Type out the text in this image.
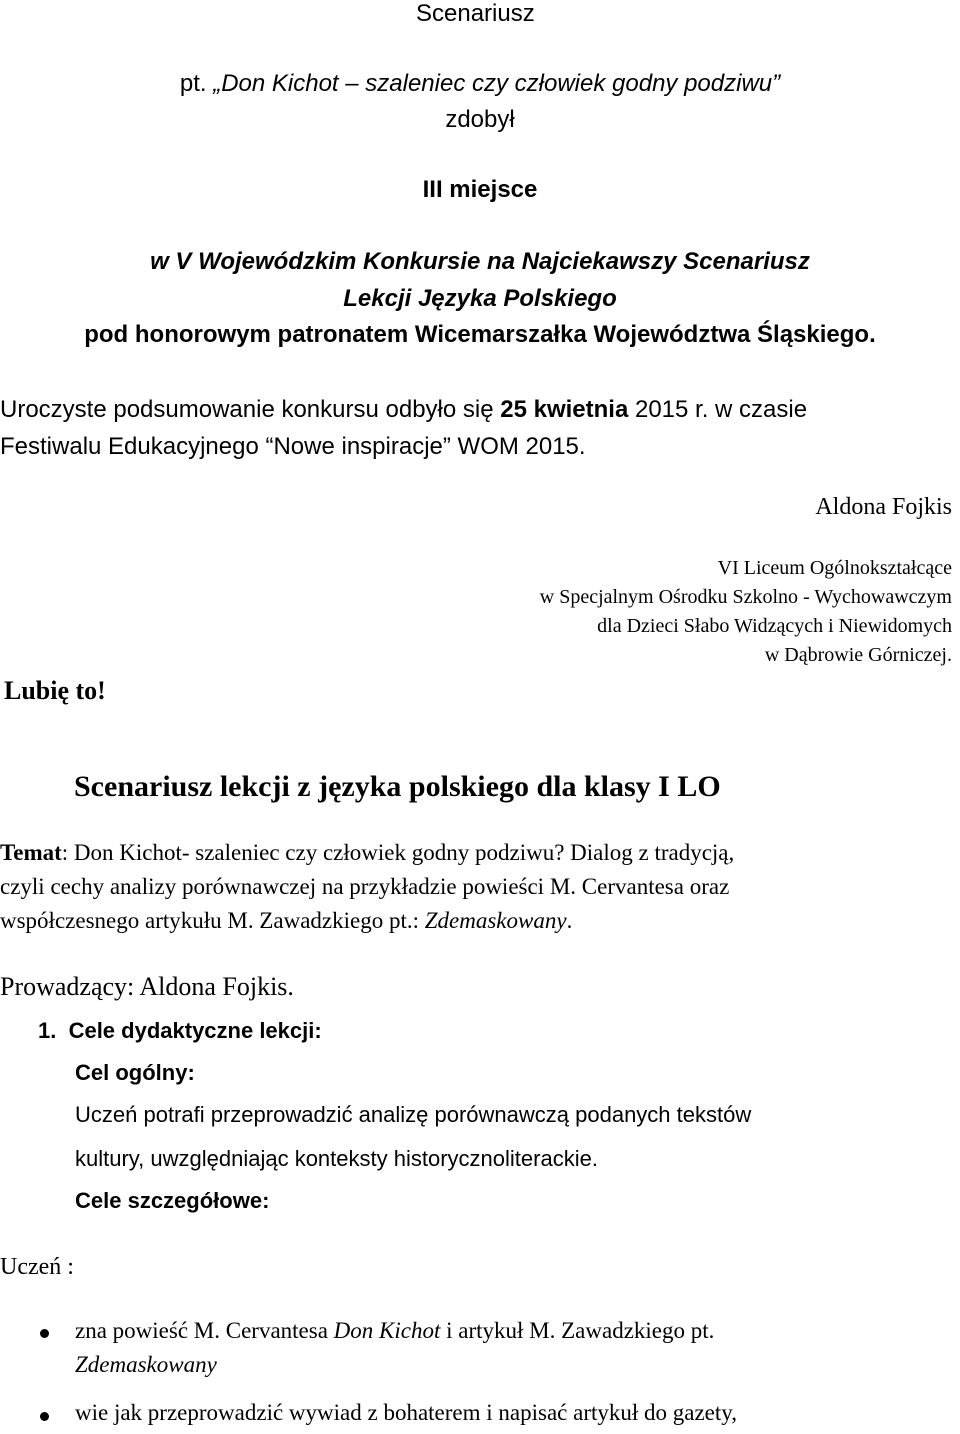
Scenariusz
pt. „Don Kichot – szaleniec czy człowiek godny podziwu”
zdobył
III miejsce
w V Wojewódzkim Konkursie na Najciekawszy Scenariusz
Lekcji Języka Polskiego
pod honorowym patronatem Wicemarszałka Województwa Śląskiego.
Uroczyste podsumowanie konkursu odbyło się 25 kwietnia 2015 r. w czasie
Festiwalu Edukacyjnego “Nowe inspiracje” WOM 2015.
Aldona Fojkis
VI Liceum Ogólnokształcące
w Specjalnym Ośrodku Szkolno - Wychowawczym
dla Dzieci Słabo Widzących i Niewidomych
w Dąbrowie Górniczej.
Lubię to!
Scenariusz lekcji z języka polskiego dla klasy I LO
Temat: Don Kichot- szaleniec czy człowiek godny podziwu? Dialog z tradycją,
czyli cechy analizy porównawczej na przykładzie powieści M. Cervantesa oraz
współczesnego artykułu M. Zawadzkiego pt.: Zdemaskowany.
Prowadzący: Aldona Fojkis.
1.  Cele dydaktyczne lekcji:
Cel ogólny:
Uczeń potrafi przeprowadzić analizę porównawczą podanych tekstów
kultury, uwzględniając konteksty historycznoliterackie.
Cele szczegółowe:
Uczeń :
zna powieść M. Cervantesa Don Kichot i artykuł M. Zawadzkiego pt.
Zdemaskowany
wie jak przeprowadzić wywiad z bohaterem i napisać artykuł do gazety,
